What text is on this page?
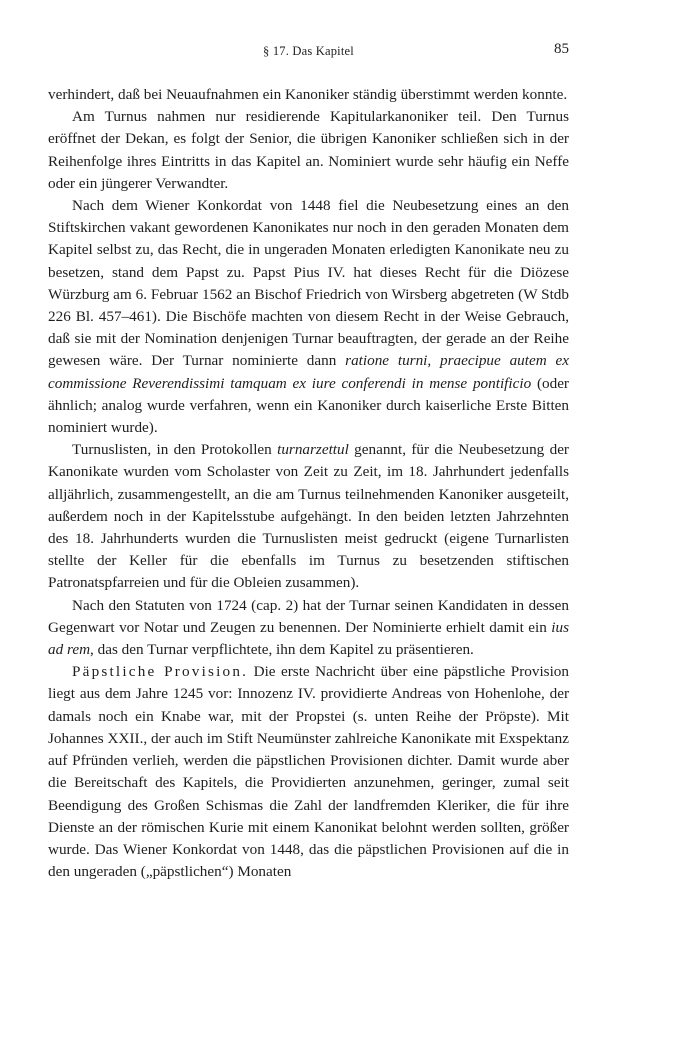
§ 17. Das Kapitel	85

verhindert, daß bei Neuaufnahmen ein Kanoniker ständig überstimmt werden konnte.

Am Turnus nahmen nur residierende Kapitularkanoniker teil. Den Turnus eröffnet der Dekan, es folgt der Senior, die übrigen Kanoniker schließen sich in der Reihenfolge ihres Eintritts in das Kapitel an. Nominiert wurde sehr häufig ein Neffe oder ein jüngerer Verwandter.

Nach dem Wiener Konkordat von 1448 fiel die Neubesetzung eines an den Stiftskirchen vakant gewordenen Kanonikates nur noch in den geraden Monaten dem Kapitel selbst zu, das Recht, die in ungeraden Monaten erledigten Kanonikate neu zu besetzen, stand dem Papst zu. Papst Pius IV. hat dieses Recht für die Diözese Würzburg am 6. Februar 1562 an Bischof Friedrich von Wirsberg abgetreten (W Stdb 226 Bl. 457–461). Die Bischöfe machten von diesem Recht in der Weise Gebrauch, daß sie mit der Nomination denjenigen Turnar beauftragten, der gerade an der Reihe gewesen wäre. Der Turnar nominierte dann ratione turni, praecipue autem ex commissione Reverendissimi tamquam ex iure conferendi in mense pontificio (oder ähnlich; analog wurde verfahren, wenn ein Kanoniker durch kaiserliche Erste Bitten nominiert wurde).

Turnuslisten, in den Protokollen turnarzettul genannt, für die Neubesetzung der Kanonikate wurden vom Scholaster von Zeit zu Zeit, im 18. Jahrhundert jedenfalls alljährlich, zusammengestellt, an die am Turnus teilnehmenden Kanoniker ausgeteilt, außerdem noch in der Kapitelsstube aufgehängt. In den beiden letzten Jahrzehnten des 18. Jahrhunderts wurden die Turnuslisten meist gedruckt (eigene Turnarlisten stellte der Keller für die ebenfalls im Turnus zu besetzenden stiftischen Patronatspfarreien und für die Obleien zusammen).

Nach den Statuten von 1724 (cap. 2) hat der Turnar seinen Kandidaten in dessen Gegenwart vor Notar und Zeugen zu benennen. Der Nominierte erhielt damit ein ius ad rem, das den Turnar verpflichtete, ihn dem Kapitel zu präsentieren.

Päpstliche Provision. Die erste Nachricht über eine päpstliche Provision liegt aus dem Jahre 1245 vor: Innozenz IV. providierte Andreas von Hohenlohe, der damals noch ein Knabe war, mit der Propstei (s. unten Reihe der Pröpste). Mit Johannes XXII., der auch im Stift Neumünster zahlreiche Kanonikate mit Exspektanz auf Pfründen verlieh, werden die päpstlichen Provisionen dichter. Damit wurde aber die Bereitschaft des Kapitels, die Providierten anzunehmen, geringer, zumal seit Beendigung des Großen Schismas die Zahl der landfremden Kleriker, die für ihre Dienste an der römischen Kurie mit einem Kanonikat belohnt werden sollten, größer wurde. Das Wiener Konkordat von 1448, das die päpstlichen Provisionen auf die in den ungeraden („päpstlichen“) Monaten
